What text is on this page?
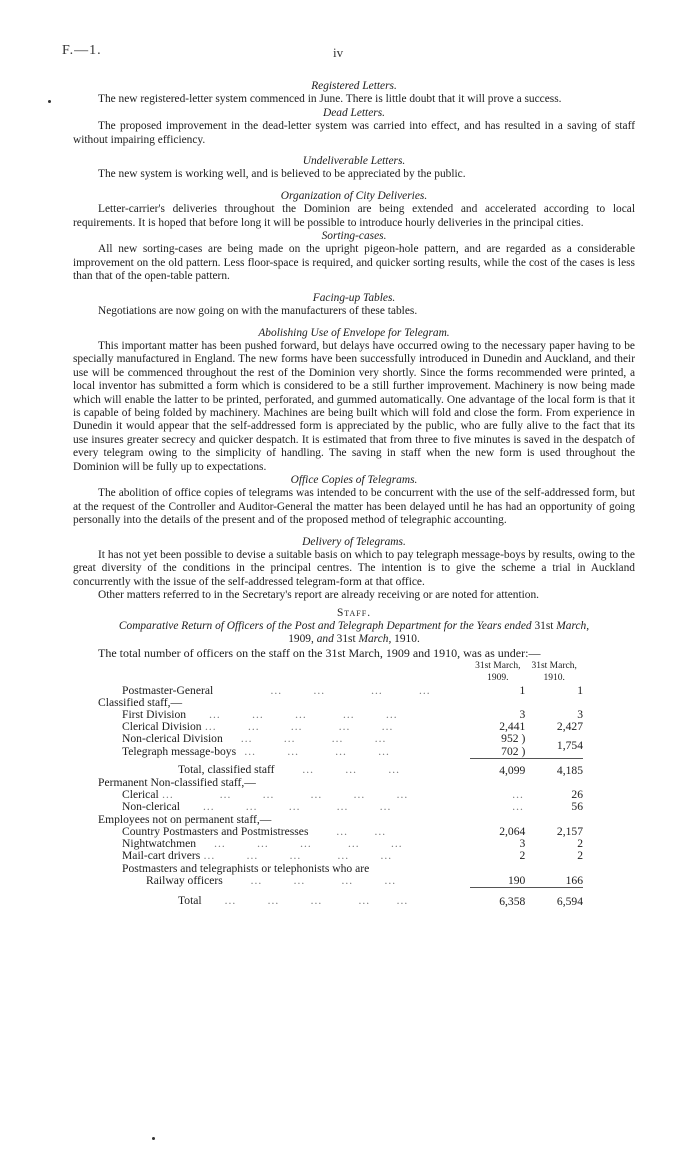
F.—1.	iv

Registered Letters.

The new registered-letter system commenced in June. There is little doubt that it will prove a success.

Dead Letters.

The proposed improvement in the dead-letter system was carried into effect, and has resulted in a saving of staff without impairing efficiency.

Undeliverable Letters.

The new system is working well, and is believed to be appreciated by the public.

Organization of City Deliveries.

Letter-carrier's deliveries throughout the Dominion are being extended and accelerated according to local requirements. It is hoped that before long it will be possible to introduce hourly deliveries in the principal cities.

Sorting-cases.

All new sorting-cases are being made on the upright pigeon-hole pattern, and are regarded as a considerable improvement on the old pattern. Less floor-space is required, and quicker sorting results, while the cost of the cases is less than that of the open-table pattern.

Facing-up Tables.

Negotiations are now going on with the manufacturers of these tables.

Abolishing Use of Envelope for Telegram.

This important matter has been pushed forward, but delays have occurred owing to the necessary paper having to be specially manufactured in England. The new forms have been successfully introduced in Dunedin and Auckland, and their use will be commenced throughout the rest of the Dominion very shortly. Since the forms recommended were printed, a local inventor has submitted a form which is considered to be a still further improvement. Machinery is now being made which will enable the latter to be printed, perforated, and gummed automatically. One advantage of the local form is that it is capable of being folded by machinery. Machines are being built which will fold and close the form. From experience in Dunedin it would appear that the self-addressed form is appreciated by the public, who are fully alive to the fact that its use insures greater secrecy and quicker despatch. It is estimated that from three to five minutes is saved in the despatch of every telegram owing to the simplicity of handling. The saving in staff when the new form is used throughout the Dominion will be fully up to expectations.

Office Copies of Telegrams.

The abolition of office copies of telegrams was intended to be concurrent with the use of the self-addressed form, but at the request of the Controller and Auditor-General the matter has been delayed until he has had an opportunity of going personally into the details of the present and of the proposed method of telegraphic accounting.

Delivery of Telegrams.

It has not yet been possible to devise a suitable basis on which to pay telegraph message-boys by results, owing to the great diversity of the conditions in the principal centres. The intention is to give the scheme a trial in Auckland concurrently with the issue of the self-addressed telegram-form at that office.

Other matters referred to in the Secretary's report are already receiving or are noted for attention.

Staff.

Comparative Return of Officers of the Post and Telegraph Department for the Years ended 31st March,
1909, and 31st March, 1910.

The total number of officers on the staff on the 31st March, 1909 and 1910, was as under:—

	31st March,
1909.	31st March,
1910.
Postmaster-General            …      …         …       …	1	1
Classified staff,—		
First Division     …      …      …       …      …	3	3
Clerical Division …      …      …       …      …	2,441	2,427
Non-clerical Division    …      …       …      …	952 )	1,754
Telegraph message-boys  …      …       …      …	702 )	
Total, classified staff      …      …      …	4,099	4,185
Permanent Non-classified staff,—		
Clerical …         …      …       …      …      …	…	26
Non-clerical     …      …      …       …      …	…	56
Employees not on permanent staff,—		
Country Postmasters and Postmistresses      …     …	2,064	2,157
Nightwatchmen    …      …      …       …      …	3	2
Mail-cart drivers …      …      …       …      …	2	2
Postmasters and telegraphists or telephonists who are		
Railway officers      …      …       …      …	190	166
Total     …      …      …       …     …	6,358	6,594
